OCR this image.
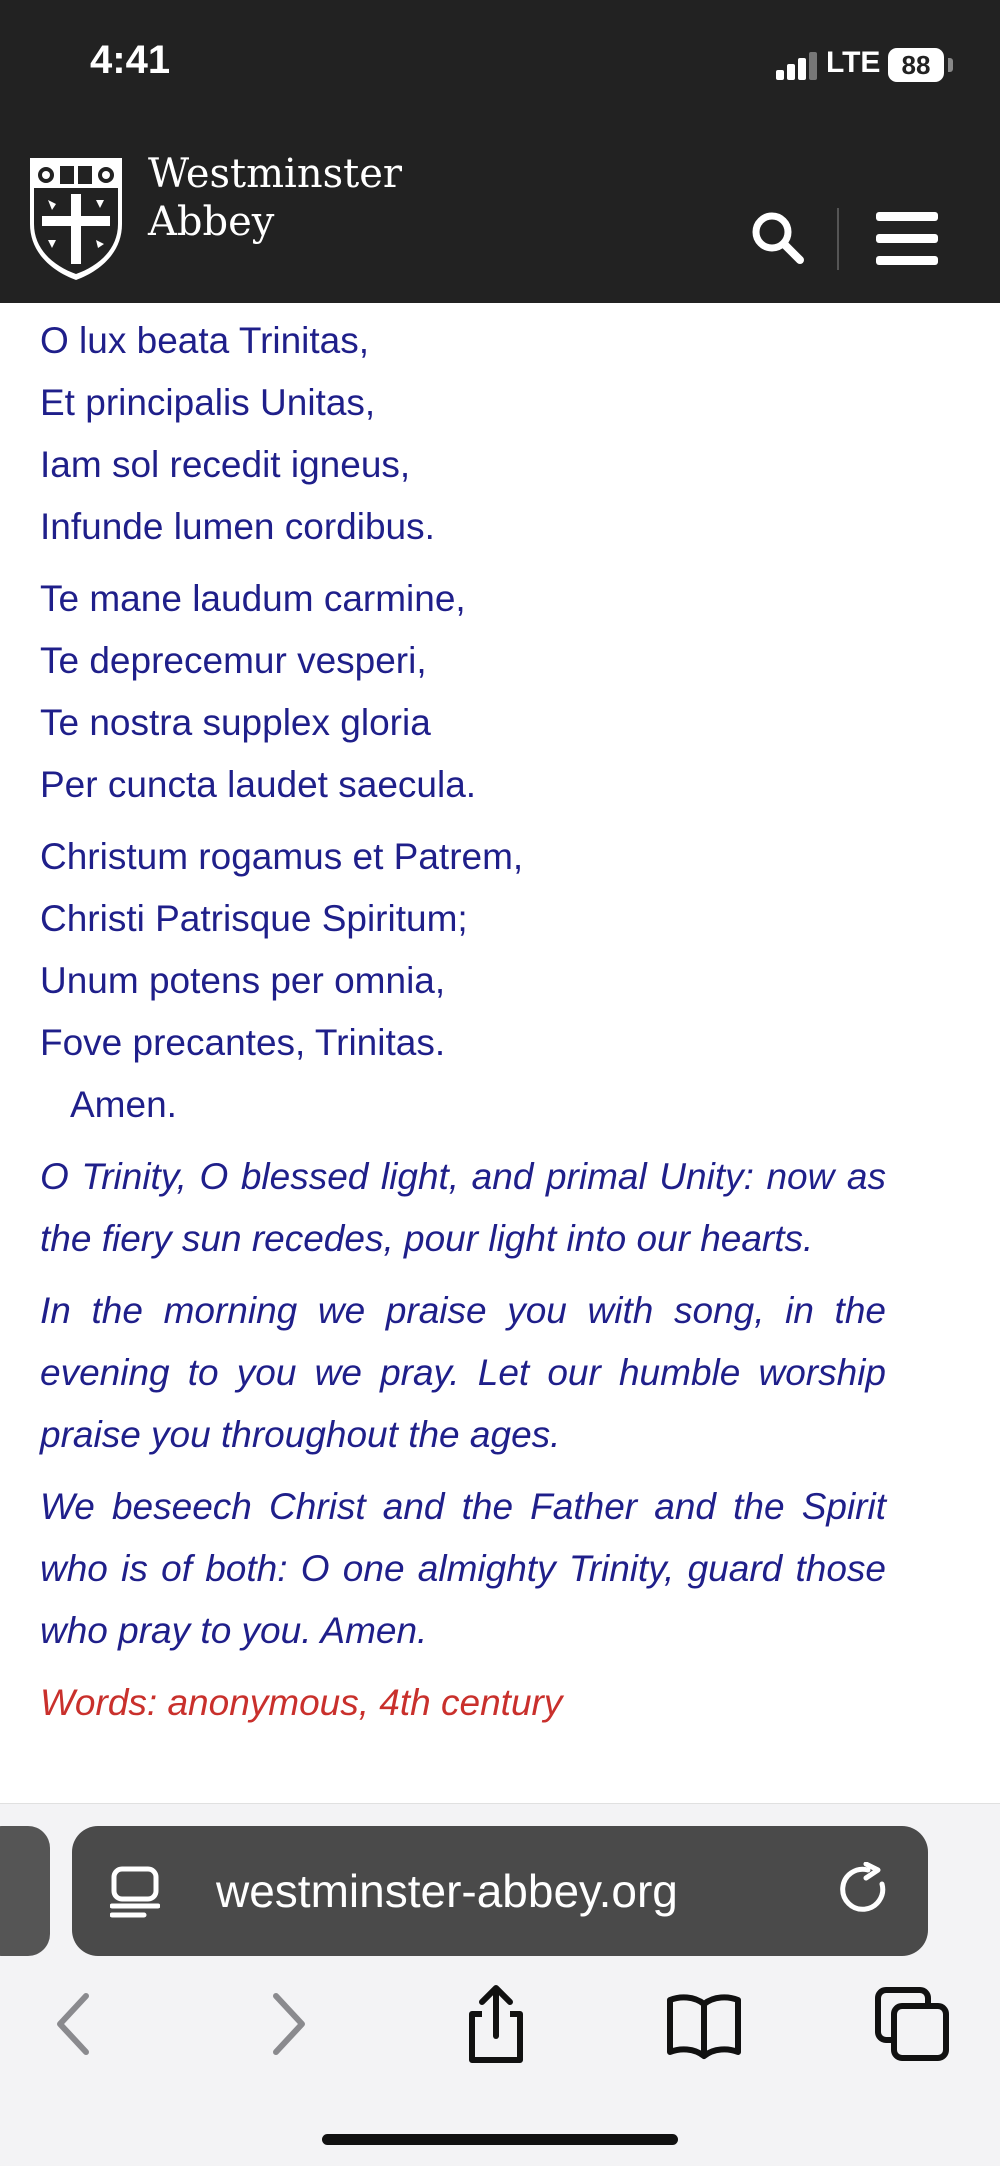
4:41	LTE 88
Westminster
Abbey
O lux beata Trinitas,
Et principalis Unitas,
Iam sol recedit igneus,
Infunde lumen cordibus.
Te mane laudum carmine,
Te deprecemur vesperi,
Te nostra supplex gloria
Per cuncta laudet saecula.
Christum rogamus et Patrem,
Christi Patrisque Spiritum;
Unum potens per omnia,
Fove precantes, Trinitas.
Amen.

O Trinity, O blessed light, and primal Unity: now as the fiery sun recedes, pour light into our hearts.

In the morning we praise you with song, in the evening to you we pray. Let our humble worship praise you throughout the ages.

We beseech Christ and the Father and the Spirit who is of both: O one almighty Trinity, guard those who pray to you. Amen.

Words: anonymous, 4th century

westminster-abbey.org
